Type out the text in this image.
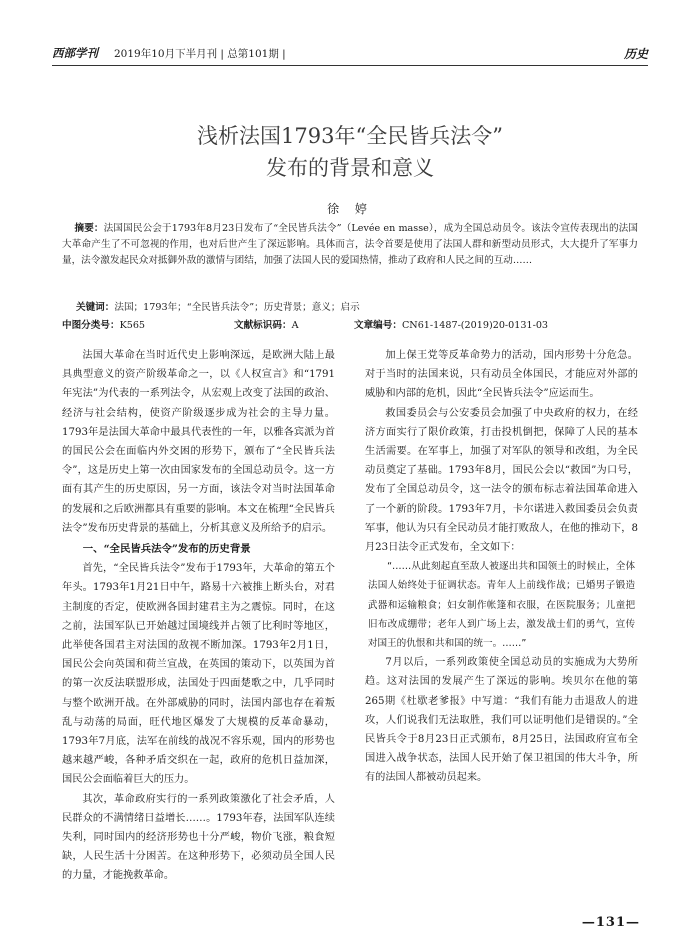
西部学刊 2019年10月下半月刊 | 总第101期 |	历史
浅析法国1793年“全民皆兵法令”
发布的背景和意义
徐 婷
摘要：法国国民公会于1793年8月23日发布了“全民皆兵法令”（Levée en masse），成为全国总动员令。该法令宣传表现出的法国大革命产生了不可忽视的作用，也对后世产生了深远影响。具体而言，法令首要是使用了法国人群和新型动员形式，大大提升了军事力量，法令激发起民众对抵御外敌的激情与团结，加强了法国人民的爱国热情，推动了政府和人民之间的互动……
关键词：法国；1793年；“全民皆兵法令”；历史背景；意义；启示
中图分类号：K565	文献标识码：A	文章编号：CN61-1487-(2019)20-0131-03

法国大革命在当时近代史上影响深远，是欧洲大陆上最具典型意义的资产阶级革命之一，以《人权宣言》和“1791年宪法”为代表的一系列法令，从宏观上改变了法国的政治、经济与社会结构，使资产阶级逐步成为社会的主导力量。1793年是法国大革命中最具代表性的一年，以雅各宾派为首的国民公会在面临内外交困的形势下，颁布了“全民皆兵法令”，这是历史上第一次由国家发布的全国总动员令。这一方面有其产生的历史原因，另一方面，该法令对当时法国革命的发展和之后欧洲都具有重要的影响。本文在梳理“全民皆兵法令”发布历史背景的基础上，分析其意义及所给予的启示。

一、“全民皆兵法令”发布的历史背景

首先，“全民皆兵法令”发布于1793年，大革命的第五个年头。1793年1月21日中午，路易十六被推上断头台，对君主制度的否定，使欧洲各国封建君主为之震惊。同时，在这之前，法国军队已开始越过国境线并占领了比利时等地区，此举使各国君主对法国的敌视不断加深。1793年2月1日，国民公会向英国和荷兰宣战，在英国的策动下，以英国为首的第一次反法联盟形成，法国处于四面楚歌之中，几乎同时与整个欧洲开战。在外部威胁的同时，法国内部也存在着叛乱与动荡的局面，旺代地区爆发了大规模的反革命暴动，1793年7月底，法军在前线的战况不容乐观，国内的形势也越来越严峻，各种矛盾交织在一起，政府的危机日益加深，国民公会面临着巨大的压力。

其次，革命政府实行的一系列政策激化了社会矛盾，人民群众的不满情绪日益增长……。1793年春，法国军队连续失利，同时国内的经济形势也十分严峻，物价飞涨，粮食短缺，人民生活十分困苦。在这种形势下，必须动员全国人民的力量，才能挽救革命。

加上保王党等反革命势力的活动，国内形势十分危急。对于当时的法国来说，只有动员全体国民，才能应对外部的威胁和内部的危机，因此“全民皆兵法令”应运而生。

救国委员会与公安委员会加强了中央政府的权力，在经济方面实行了限价政策，打击投机倒把，保障了人民的基本生活需要。在军事上，加强了对军队的领导和改组，为全民动员奠定了基础。1793年8月，国民公会以“救国”为口号，发布了全国总动员令，这一法令的颁布标志着法国革命进入了一个新的阶段。1793年7月，卡尔诺进入救国委员会负责军事，他认为只有全民动员才能打败敌人，在他的推动下，8月23日法令正式发布，全文如下：

“……从此刻起直至敌人被逐出共和国领土的时候止，全体法国人始终处于征调状态。青年人上前线作战；已婚男子锻造武器和运输粮食；妇女制作帐篷和衣服，在医院服务；儿童把旧布改成绷带；老年人到广场上去，激发战士们的勇气，宣传对国王的仇恨和共和国的统一。……”

7月以后，一系列政策使全国总动员的实施成为大势所趋。这对法国的发展产生了深远的影响。埃贝尔在他的第265期《杜歇老爹报》中写道：“我们有能力击退敌人的进攻，人们说我们无法取胜，我们可以证明他们是错误的。”全民皆兵令于8月23日正式颁布，8月25日，法国政府宣布全国进入战争状态，法国人民开始了保卫祖国的伟大斗争，所有的法国人都被动员起来。

—131—
